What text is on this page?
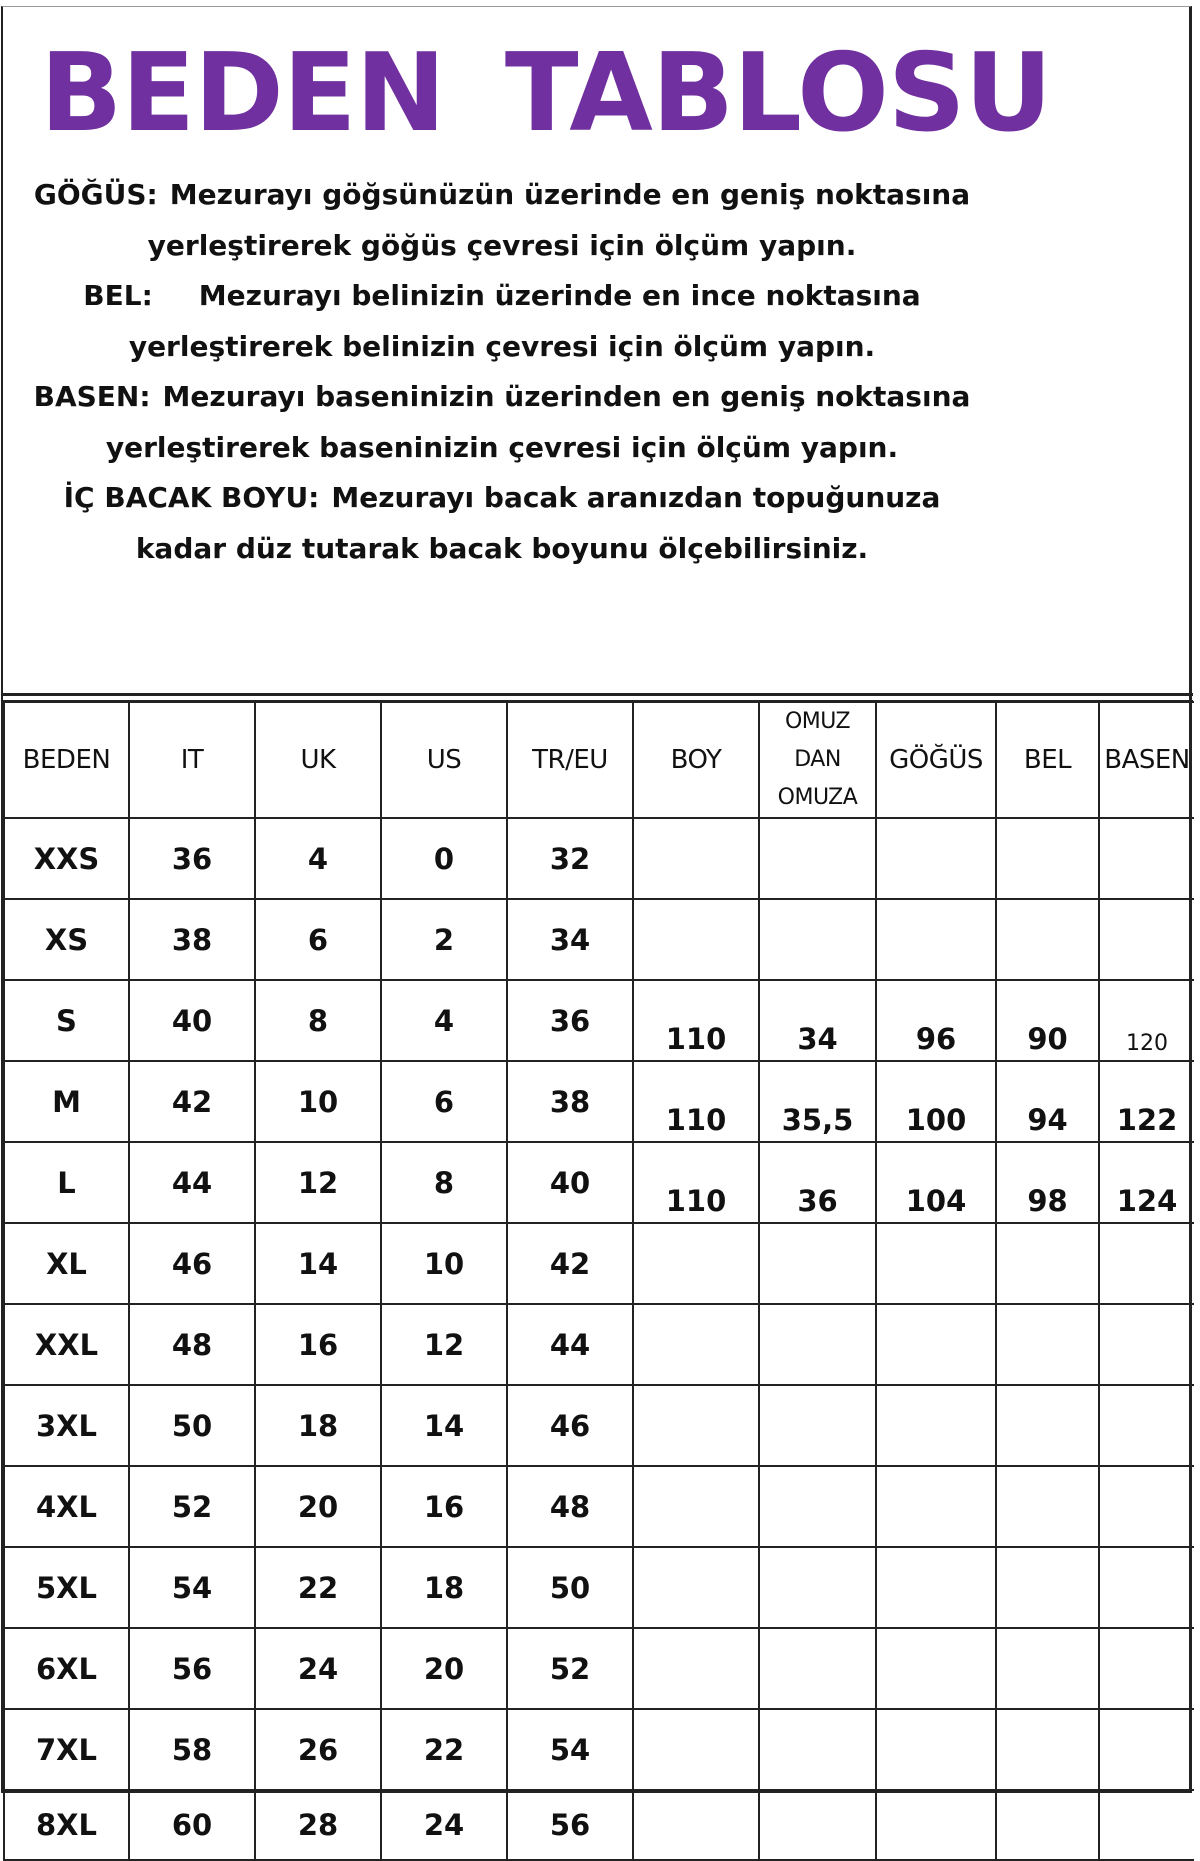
BEDEN TABLOSU
GÖĞÜS: Mezurayı göğsünüzün üzerinde en geniş noktasına
yerleştirerek göğüs çevresi için ölçüm yapın.
BEL: Mezurayı belinizin üzerinde en ince noktasına
yerleştirerek belinizin çevresi için ölçüm yapın.
BASEN: Mezurayı baseninizin üzerinden en geniş noktasına
yerleştirerek baseninizin çevresi için ölçüm yapın.
İÇ BACAK BOYU: Mezurayı bacak aranızdan topuğunuza
kadar düz tutarak bacak boyunu ölçebilirsiniz.
BEDEN	IT	UK	US	TR/EU	BOY	OMUZ
DAN
OMUZA	GÖĞÜS	BEL	BASEN
XXS	36	4	0	32					
XS	38	6	2	34					
S	40	8	4	36	110	34	96	90	120
M	42	10	6	38	110	35,5	100	94	122
L	44	12	8	40	110	36	104	98	124
XL	46	14	10	42					
XXL	48	16	12	44					
3XL	50	18	14	46					
4XL	52	20	16	48					
5XL	54	22	18	50					
6XL	56	24	20	52					
7XL	58	26	22	54					
8XL	60	28	24	56					
